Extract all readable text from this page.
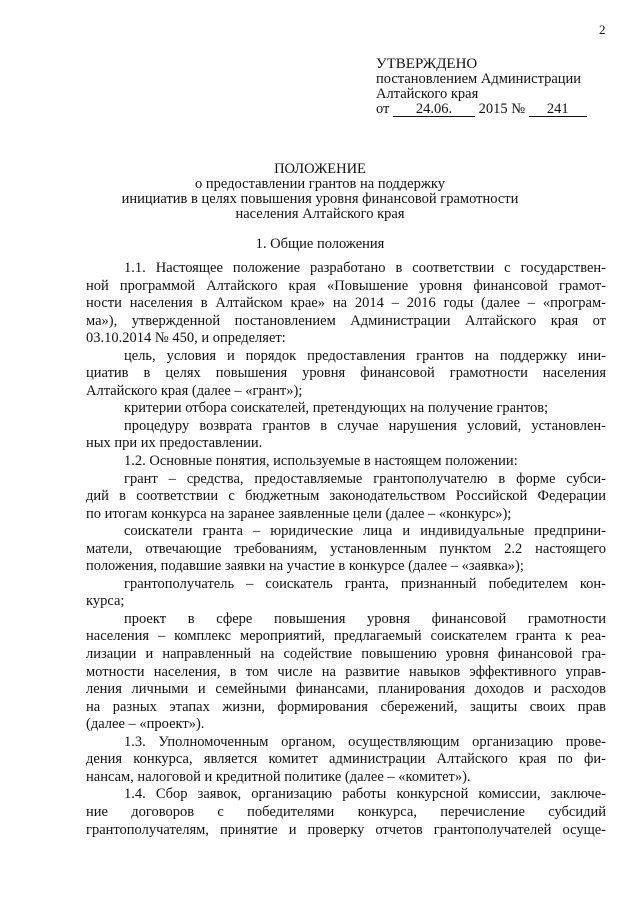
2
УТВЕРЖДЕНО
постановлением Администрации
Алтайского края
от 24.06. 2015 № 241
ПОЛОЖЕНИЕ
о предоставлении грантов на поддержку
инициатив в целях повышения уровня финансовой грамотности
населения Алтайского края
1. Общие положения

1.1. Настоящее положение разработано в соответствии с государствен-
ной программой Алтайского края «Повышение уровня финансовой грамот-
ности населения в Алтайском крае» на 2014 – 2016 годы (далее – «програм-
ма»), утвержденной постановлением Администрации Алтайского края от
03.10.2014 № 450, и определяет:

цель, условия и порядок предоставления грантов на поддержку ини-
циатив в целях повышения уровня финансовой грамотности населения
Алтайского края (далее – «грант»);

критерии отбора соискателей, претендующих на получение грантов;

процедуру возврата грантов в случае нарушения условий, установлен-
ных при их предоставлении.

1.2. Основные понятия, используемые в настоящем положении:

грант – средства, предоставляемые грантополучателю в форме субси-
дий в соответствии с бюджетным законодательством Российской Федерации
по итогам конкурса на заранее заявленные цели (далее – «конкурс»);

соискатели гранта – юридические лица и индивидуальные предприни-
матели, отвечающие требованиям, установленным пунктом 2.2 настоящего
положения, подавшие заявки на участие в конкурсе (далее – «заявка»);

грантополучатель – соискатель гранта, признанный победителем кон-
курса;

проект в сфере повышения уровня финансовой грамотности
населения – комплекс мероприятий, предлагаемый соискателем гранта к реа-
лизации и направленный на содействие повышению уровня финансовой гра-
мотности населения, в том числе на развитие навыков эффективного управ-
ления личными и семейными финансами, планирования доходов и расходов
на разных этапах жизни, формирования сбережений, защиты своих прав
(далее – «проект»).

1.3. Уполномоченным органом, осуществляющим организацию прове-
дения конкурса, является комитет администрации Алтайского края по фи-
нансам, налоговой и кредитной политике (далее – «комитет»).

1.4. Сбор заявок, организацию работы конкурсной комиссии, заключе-
ние договоров с победителями конкурса, перечисление субсидий
грантополучателям, принятие и проверку отчетов грантополучателей осуще-
